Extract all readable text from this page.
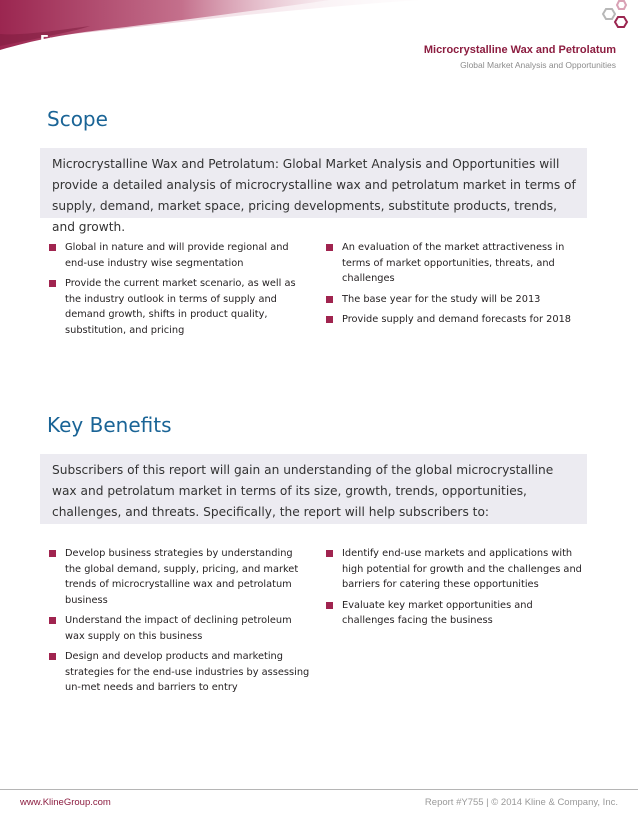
Energy
Microcrystalline Wax and Petrolatum
Global Market Analysis and Opportunities
Scope
Microcrystalline Wax and Petrolatum: Global Market Analysis and Opportunities will provide a detailed analysis of microcrystalline wax and petrolatum market in terms of supply, demand, market space, pricing developments, substitute products, trends, and growth.
Global in nature and will provide regional and end-use industry wise segmentation
Provide the current market scenario, as well as the industry outlook in terms of supply and demand growth, shifts in product quality, substitution, and pricing
An evaluation of the market attractiveness in terms of market opportunities, threats, and challenges
The base year for the study will be 2013
Provide supply and demand forecasts for 2018
Key Benefits
Subscribers of this report will gain an understanding of the global microcrystalline wax and petrolatum market in terms of its size, growth, trends, opportunities, challenges, and threats. Specifically, the report will help subscribers to:
Develop business strategies by understanding the global demand, supply, pricing, and market trends of microcrystalline wax and petrolatum business
Understand the impact of declining petroleum wax supply on this business
Design and develop products and marketing strategies for the end-use industries by assessing un-met needs and barriers to entry
Identify end-use markets and applications with high potential for growth and the challenges and barriers for catering these opportunities
Evaluate key market opportunities and challenges facing the business
www.KlineGroup.com	Report #Y755 | © 2014 Kline & Company, Inc.
